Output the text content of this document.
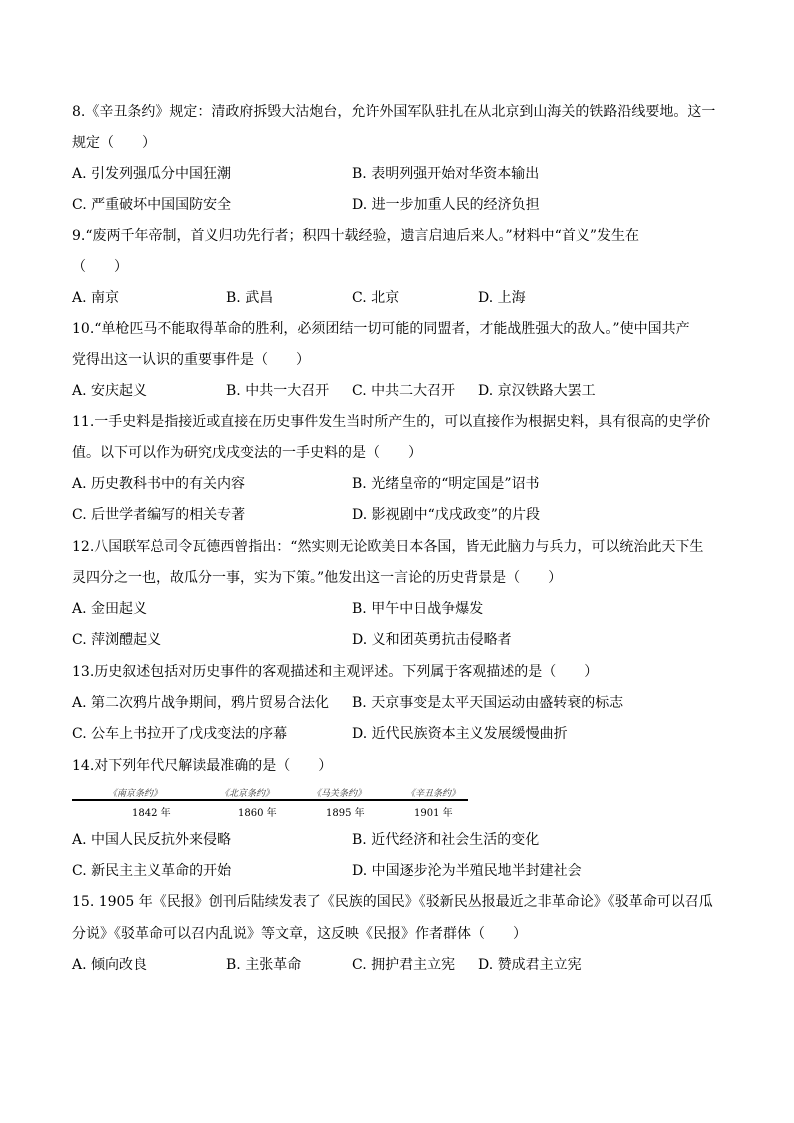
8.《辛丑条约》规定：清政府拆毁大沽炮台，允许外国军队驻扎在从北京到山海关的铁路沿线要地。这一
规定（　　）
A. 引发列强瓜分中国狂潮	B. 表明列强开始对华资本输出
C. 严重破坏中国国防安全	D. 进一步加重人民的经济负担
9.“废两千年帝制，首义归功先行者；积四十载经验，遗言启迪后来人。”材料中“首义”发生在
（　　）
A. 南京	B. 武昌	C. 北京	D. 上海
10.“单枪匹马不能取得革命的胜利，必须团结一切可能的同盟者，才能战胜强大的敌人。”使中国共产
党得出这一认识的重要事件是（　　）
A. 安庆起义	B. 中共一大召开 C. 中共二大召开 D. 京汉铁路大罢工
11.一手史料是指接近或直接在历史事件发生当时所产生的，可以直接作为根据史料，具有很高的史学价
值。以下可以作为研究戊戌变法的一手史料的是（　　）
A. 历史教科书中的有关内容	B. 光绪皇帝的“明定国是”诏书
C. 后世学者编写的相关专著	D. 影视剧中“戊戌政变”的片段
12.八国联军总司令瓦德西曾指出：“然实则无论欧美日本各国，皆无此脑力与兵力，可以统治此天下生
灵四分之一也，故瓜分一事，实为下策。”他发出这一言论的历史背景是（　　）
A. 金田起义	B. 甲午中日战争爆发
C. 萍浏醴起义	D. 义和团英勇抗击侵略者
13.历史叙述包括对历史事件的客观描述和主观评述。下列属于客观描述的是（　　）
A. 第二次鸦片战争期间，鸦片贸易合法化 B. 天京事变是太平天国运动由盛转衰的标志
C. 公车上书拉开了戊戌变法的序幕	D. 近代民族资本主义发展缓慢曲折
14.对下列年代尺解读最准确的是（　　）
《南京条约》	《北京条约》	《马关条约》	《辛丑条约》
1842 年	1860 年	1895 年	1901 年
A. 中国人民反抗外来侵略	B. 近代经济和社会生活的变化
C. 新民主主义革命的开始	D. 中国逐步沦为半殖民地半封建社会
15. 1905 年《民报》创刊后陆续发表了《民族的国民》《驳新民丛报最近之非革命论》《驳革命可以召瓜
分说》《驳革命可以召内乱说》等文章，这反映《民报》作者群体（　　）
A. 倾向改良	B. 主张革命	C. 拥护君主立宪 D. 赞成君主立宪
